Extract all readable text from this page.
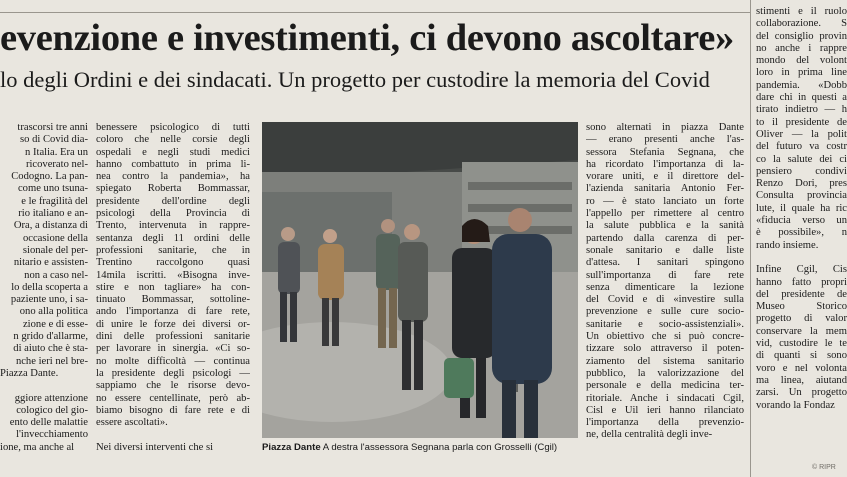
evenzione e investimenti, ci devono ascoltare»
lo degli Ordini e dei sindacati. Un progetto per custodire la memoria del Covid
trascorsi tre anni
so di Covid dia-
n Italia. Era un
ricoverato nel-
Codogno. La pan-
come uno tsuna-
e le fragilità del
rio italiano e an-
Ora, a distanza di
occasione della
sionale del per-
nitario e assisten-
non a caso nel-
lo della scoperta a
paziente uno, i sa-
ono alla politica
zione e di esse-
n grido d'allarme,
di aiuto che è sta-
nche ieri nel bre-
Piazza Dante.

ggiore attenzione
cologico del gio-
ento delle malattie
l'invecchiamento
ione, ma anche al
benessere psicologico di tutti
coloro che nelle corsie degli
ospedali e negli studi medici
hanno combattuto in prima li-
nea contro la pandemia», ha
spiegato Roberta Bommassar,
presidente dell'ordine degli
psicologi della Provincia di
Trento, intervenuta in rappre-
sentanza degli 11 ordini delle
professioni sanitarie, che in
Trentino raccolgono quasi
14mila iscritti. «Bisogna inve-
stire e non tagliare» ha con-
tinuato Bommassar, sottoline-
ando l'importanza di fare rete,
di unire le forze dei diversi or-
dini delle professioni sanitarie
per lavorare in sinergia. «Ci so-
no molte difficoltà — continua
la presidente degli psicologi —
sappiamo che le risorse devo-
no essere centellinate, però ab-
biamo bisogno di fare rete e di
essere ascoltati».

Nei diversi interventi che si	Piazza Dante A destra l'assessora Segnana parla con Grosselli (Cgil)
sono alternati in piazza Dante
— erano presenti anche l'as-
sessora Stefania Segnana, che
ha ricordato l'importanza di la-
vorare uniti, e il direttore del-
l'azienda sanitaria Antonio Fer-
ro — è stato lanciato un forte
l'appello per rimettere al centro
la salute pubblica e la sanità
partendo dalla carenza di per-
sonale sanitario e dalle liste
d'attesa. I sanitari spingono
sull'importanza di fare rete
senza dimenticare la lezione
del Covid e di «investire sulla
prevenzione e sulle cure socio-
sanitarie e socio-assistenziali».
Un obiettivo che si può concre-
tizzare solo attraverso il poten-
ziamento del sistema sanitario
pubblico, la valorizzazione del
personale e della medicina ter-
ritoriale. Anche i sindacati Cgil,
Cisl e Uil ieri hanno rilanciato
l'importanza della prevenzio-
ne, della centralità degli inve-
stimenti e il ruolo
collaborazione. S
del consiglio provin
no anche i rappre
mondo del volont
loro in prima line
pandemia. «Dobb
dare chi in questi a
tirato indietro — h
to il presidente de
Oliver — la polit
del futuro va costr
co la salute dei ci
pensiero condivi
Renzo Dori, pres
Consulta provincia
lute, il quale ha ric
«fiducia verso un
è possibile», n
rando insieme.

Infine Cgil, Cis
hanno fatto propri
del presidente de
Museo Storico
progetto di valor
conservare la mem
vid, custodire le te
di quanti si sono
voro e nel volonta
ma linea, aiutand
zarsi. Un progetto
vorando la Fondaz
© RIPR
